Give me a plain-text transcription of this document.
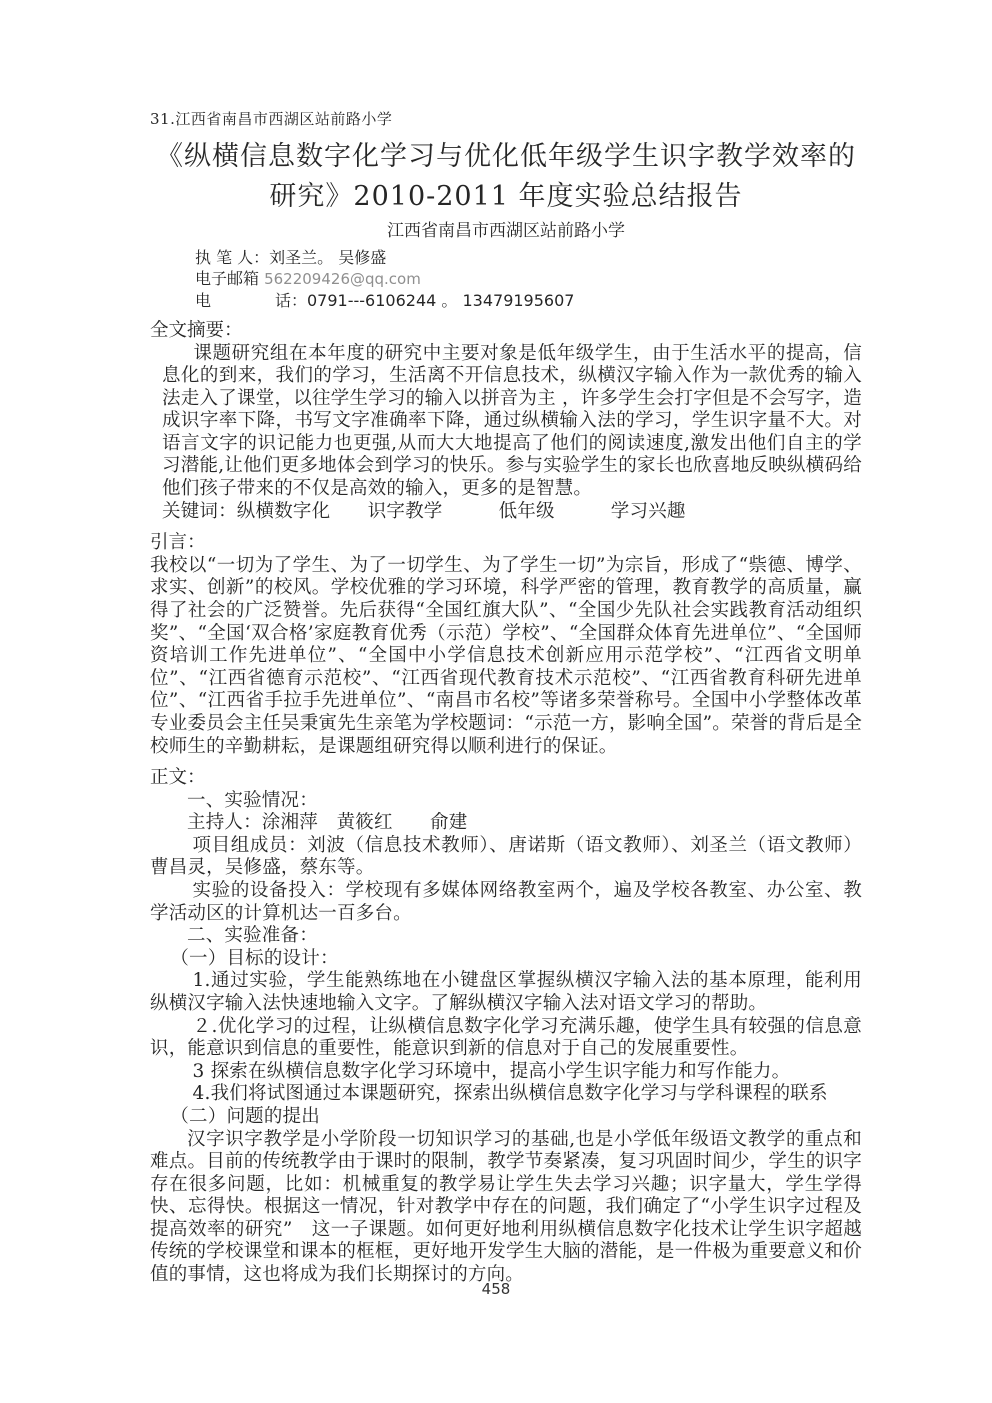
31.江西省南昌市西湖区站前路小学
《纵横信息数字化学习与优化低年级学生识字教学效率的
研究》2010-2011 年度实验总结报告
江西省南昌市西湖区站前路小学
执 笔 人：刘圣兰。 吴修盛
电子邮箱 562209426@qq.com
电　　　　话：0791---6106244 。 13479195607
全文摘要：
课题研究组在本年度的研究中主要对象是低年级学生，由于生活水平的提高，信息化的到来，我们的学习，生活离不开信息技术，纵横汉字输入作为一款优秀的输入法走入了课堂，以往学生学习的输入以拼音为主 ，许多学生会打字但是不会写字，造成识字率下降，书写文字准确率下降，通过纵横输入法的学习，学生识字量不大。对语言文字的识记能力也更强,从而大大地提高了他们的阅读速度,激发出他们自主的学习潜能,让他们更多地体会到学习的快乐。参与实验学生的家长也欣喜地反映纵横码给他们孩子带来的不仅是高效的输入，更多的是智慧。
关键词：纵横数字化　　识字教学　　　低年级　　　学习兴趣
引言：
我校以“一切为了学生、为了一切学生、为了学生一切”为宗旨，形成了“祡德、博学、求实、创新”的校风。学校优雅的学习环境，科学严密的管理，教育教学的高质量，赢得了社会的广泛赞誉。先后获得“全国红旗大队”、“全国少先队社会实践教育活动组织奖”、“全国‘双合格’家庭教育优秀（示范）学校”、“全国群众体育先进单位”、“全国师资培训工作先进单位”、“全国中小学信息技术创新应用示范学校”、“江西省文明单位”、“江西省德育示范校”、“江西省现代教育技术示范校”、“江西省教育科研先进单位”、“江西省手拉手先进单位”、“南昌市名校”等诸多荣誉称号。全国中小学整体改革专业委员会主任吴秉寅先生亲笔为学校题词：“示范一方，影响全国”。荣誉的背后是全校师生的辛勤耕耘，是课题组研究得以顺利进行的保证。
正文：

一、实验情况：

主持人：涂湘萍　黄筱红　　俞建

项目组成员：刘波（信息技术教师）、唐诺斯（语文教师）、刘圣兰（语文教师）曹昌灵，吴修盛，蔡东等。

实验的设备投入：学校现有多媒体网络教室两个，遍及学校各教室、办公室、教学活动区的计算机达一百多台。

二、实验准备：

（一）目标的设计：

1.通过实验，学生能熟练地在小键盘区掌握纵横汉字输入法的基本原理，能利用纵横汉字输入法快速地输入文字。了解纵横汉字输入法对语文学习的帮助。

２.优化学习的过程，让纵横信息数字化学习充满乐趣，使学生具有较强的信息意识，能意识到信息的重要性，能意识到新的信息对于自己的发展重要性。

3 探索在纵横信息数字化学习环境中，提高小学生识字能力和写作能力。

4.我们将试图通过本课题研究，探索出纵横信息数字化学习与学科课程的联系

（二）问题的提出

汉字识字教学是小学阶段一切知识学习的基础,也是小学低年级语文教学的重点和难点。目前的传统教学由于课时的限制，教学节奏紧凑，复习巩固时间少，学生的识字存在很多问题，比如：机械重复的教学易让学生失去学习兴趣；识字量大，学生学得快、忘得快。根据这一情况，针对教学中存在的问题，我们确定了“小学生识字过程及提高效率的研究”　这一子课题。如何更好地利用纵横信息数字化技术让学生识字超越传统的学校课堂和课本的框框，更好地开发学生大脑的潜能，是一件极为重要意义和价值的事情，这也将成为我们长期探讨的方向。

458
